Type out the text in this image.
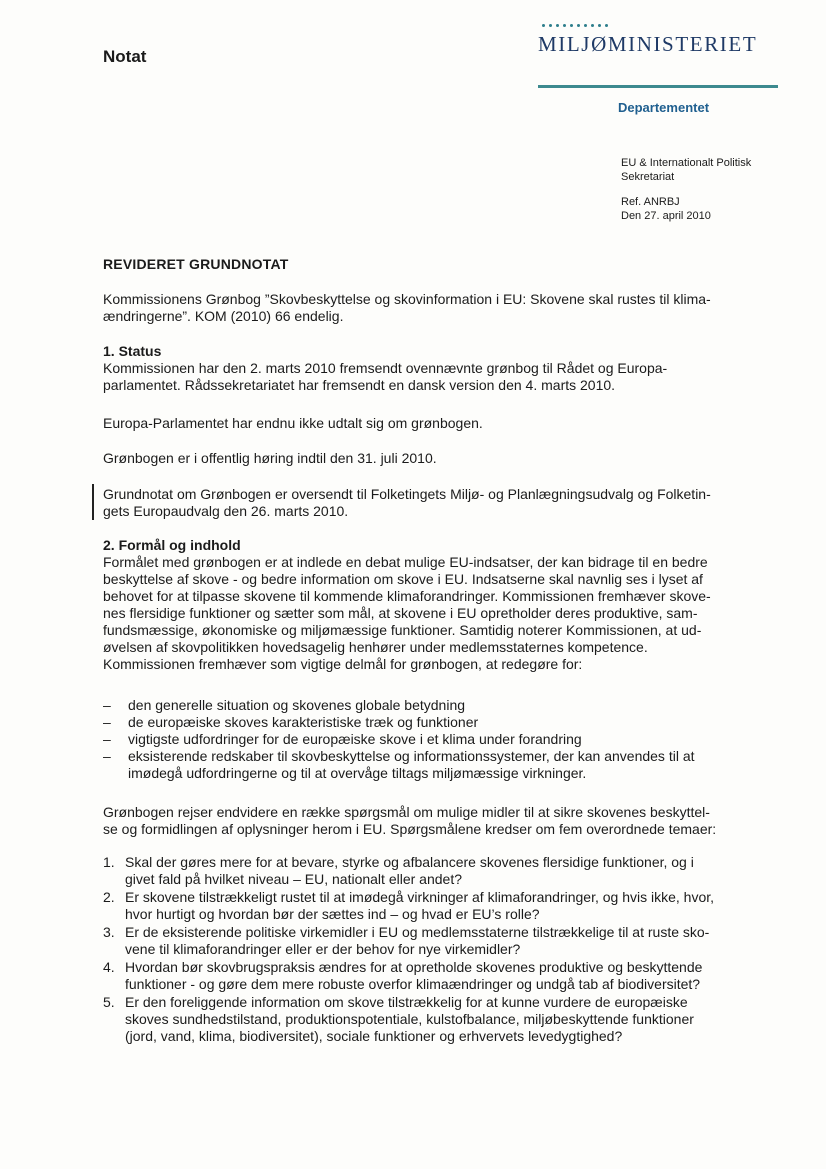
Notat
MILJØMINISTERIET
Departementet
EU & Internationalt Politisk
Sekretariat
Ref. ANRBJ
Den 27. april 2010
REVIDERET GRUNDNOTAT
Kommissionens Grønbog ”Skovbeskyttelse og skovinformation i EU: Skovene skal rustes til klima-
ændringerne”. KOM (2010) 66 endelig.
1. Status
Kommissionen har den 2. marts 2010 fremsendt ovennævnte grønbog til Rådet og Europa-
parlamentet. Rådssekretariatet har fremsendt en dansk version den 4. marts 2010.
Europa-Parlamentet har endnu ikke udtalt sig om grønbogen.
Grønbogen er i offentlig høring indtil den 31. juli 2010.
Grundnotat om Grønbogen er oversendt til Folketingets Miljø- og Planlægningsudvalg og Folketin-
gets Europaudvalg den 26. marts 2010.
2. Formål og indhold
Formålet med grønbogen er at indlede en debat mulige EU-indsatser, der kan bidrage til en bedre
beskyttelse af skove - og bedre information om skove i EU. Indsatserne skal navnlig ses i lyset af
behovet for at tilpasse skovene til kommende klimaforandringer. Kommissionen fremhæver skove-
nes flersidige funktioner og sætter som mål, at skovene i EU opretholder deres produktive, sam-
fundsmæssige, økonomiske og miljømæssige funktioner. Samtidig noterer Kommissionen, at ud-
øvelsen af skovpolitikken hovedsagelig henhører under medlemsstaternes kompetence.
Kommissionen fremhæver som vigtige delmål for grønbogen, at redegøre for:
– den generelle situation og skovenes globale betydning
– de europæiske skoves karakteristiske træk og funktioner
– vigtigste udfordringer for de europæiske skove i et klima under forandring
– eksisterende redskaber til skovbeskyttelse og informationssystemer, der kan anvendes til at
imødegå udfordringerne og til at overvåge tiltags miljømæssige virkninger.
Grønbogen rejser endvidere en række spørgsmål om mulige midler til at sikre skovenes beskyttel-
se og formidlingen af oplysninger herom i EU. Spørgsmålene kredser om fem overordnede temaer:
1. Skal der gøres mere for at bevare, styrke og afbalancere skovenes flersidige funktioner, og i
givet fald på hvilket niveau – EU, nationalt eller andet?
2. Er skovene tilstrækkeligt rustet til at imødegå virkninger af klimaforandringer, og hvis ikke, hvor,
hvor hurtigt og hvordan bør der sættes ind – og hvad er EU’s rolle?
3. Er de eksisterende politiske virkemidler i EU og medlemsstaterne tilstrækkelige til at ruste sko-
vene til klimaforandringer eller er der behov for nye virkemidler?
4. Hvordan bør skovbrugspraksis ændres for at opretholde skovenes produktive og beskyttende
funktioner - og gøre dem mere robuste overfor klimaændringer og undgå tab af biodiversitet?
5. Er den foreliggende information om skove tilstrækkelig for at kunne vurdere de europæiske
skoves sundhedstilstand, produktionspotentiale, kulstofbalance, miljøbeskyttende funktioner
(jord, vand, klima, biodiversitet), sociale funktioner og erhvervets levedygtighed?
